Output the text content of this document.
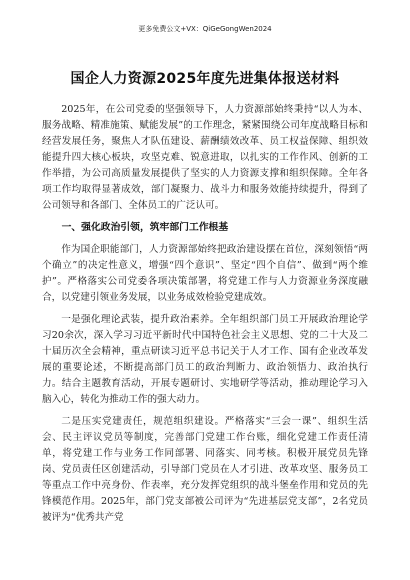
更多免费公文+VX：QiGeGongWen2024
国企人力资源2025年度先进集体报送材料

2025年，在公司党委的坚强领导下，人力资源部始终秉持“以人为本、服务战略、精准施策、赋能发展”的工作理念，紧紧围绕公司年度战略目标和经营发展任务，聚焦人才队伍建设、薪酬绩效改革、员工权益保障、组织效能提升四大核心板块，攻坚克难、锐意进取，以扎实的工作作风、创新的工作举措，为公司高质量发展提供了坚实的人力资源支撑和组织保障。全年各项工作均取得显著成效，部门凝聚力、战斗力和服务效能持续提升，得到了公司领导和各部门、全体员工的广泛认可。

一、强化政治引领，筑牢部门工作根基

作为国企职能部门，人力资源部始终把政治建设摆在首位，深刻领悟“两个确立”的决定性意义，增强“四个意识”、坚定“四个自信”、做到“两个维护”。严格落实公司党委各项决策部署，将党建工作与人力资源业务深度融合，以党建引领业务发展，以业务成效检验党建成效。

一是强化理论武装，提升政治素养。全年组织部门员工开展政治理论学习20余次，深入学习习近平新时代中国特色社会主义思想、党的二十大及二十届历次全会精神，重点研读习近平总书记关于人才工作、国有企业改革发展的重要论述，不断提高部门员工的政治判断力、政治领悟力、政治执行力。结合主题教育活动，开展专题研讨、实地研学等活动，推动理论学习入脑入心，转化为推动工作的强大动力。

二是压实党建责任，规范组织建设。严格落实“三会一课”、组织生活会、民主评议党员等制度，完善部门党建工作台账，细化党建工作责任清单，将党建工作与业务工作同部署、同落实、同考核。积极开展党员先锋岗、党员责任区创建活动，引导部门党员在人才引进、改革攻坚、服务员工等重点工作中亮身份、作表率，充分发挥党组织的战斗堡垒作用和党员的先锋模范作用。2025年，部门党支部被公司评为“先进基层党支部”，2名党员被评为“优秀共产党
